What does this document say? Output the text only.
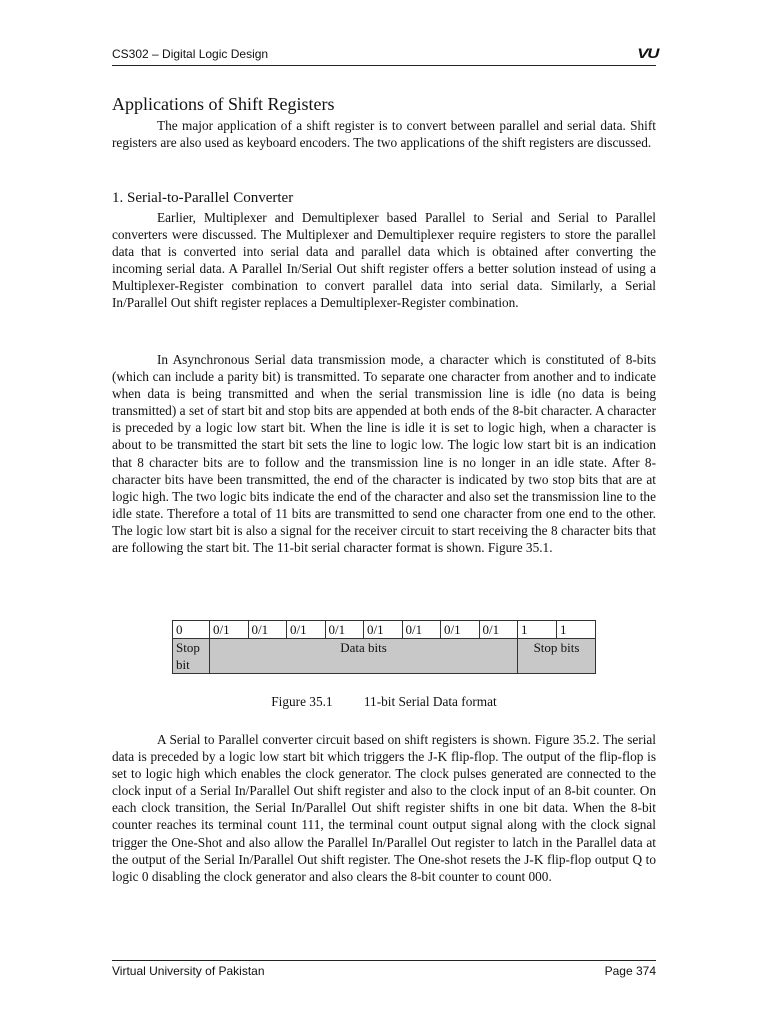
CS302 – Digital Logic Design	VU
Applications of Shift Registers

The major application of a shift register is to convert between parallel and serial data. Shift registers are also used as keyboard encoders. The two applications of the shift registers are discussed.

1. Serial-to-Parallel Converter

Earlier, Multiplexer and Demultiplexer based Parallel to Serial and Serial to Parallel converters were discussed. The Multiplexer and Demultiplexer require registers to store the parallel data that is converted into serial data and parallel data which is obtained after converting the incoming serial data. A Parallel In/Serial Out shift register offers a better solution instead of using a Multiplexer-Register combination to convert parallel data into serial data. Similarly, a Serial In/Parallel Out shift register replaces a Demultiplexer-Register combination.

In Asynchronous Serial data transmission mode, a character which is constituted of 8-bits (which can include a parity bit) is transmitted. To separate one character from another and to indicate when data is being transmitted and when the serial transmission line is idle (no data is being transmitted) a set of start bit and stop bits are appended at both ends of the 8-bit character. A character is preceded by a logic low start bit. When the line is idle it is set to logic high, when a character is about to be transmitted the start bit sets the line to logic low. The logic low start bit is an indication that 8 character bits are to follow and the transmission line is no longer in an idle state. After 8-character bits have been transmitted, the end of the character is indicated by two stop bits that are at logic high. The two logic bits indicate the end of the character and also set the transmission line to the idle state. Therefore a total of 11 bits are transmitted to send one character from one end to the other. The logic low start bit is also a signal for the receiver circuit to start receiving the 8 character bits that are following the start bit. The 11-bit serial character format is shown. Figure 35.1.

0	0/1	0/1	0/1	0/1	0/1	0/1	0/1	0/1	1	1
Stop bit	Data bits								Stop bits	
Figure 35.1 11-bit Serial Data format

A Serial to Parallel converter circuit based on shift registers is shown. Figure 35.2. The serial data is preceded by a logic low start bit which triggers the J-K flip-flop. The output of the flip-flop is set to logic high which enables the clock generator. The clock pulses generated are connected to the clock input of a Serial In/Parallel Out shift register and also to the clock input of an 8-bit counter. On each clock transition, the Serial In/Parallel Out shift register shifts in one bit data. When the 8-bit counter reaches its terminal count 111, the terminal count output signal along with the clock signal trigger the One-Shot and also allow the Parallel In/Parallel Out register to latch in the Parallel data at the output of the Serial In/Parallel Out shift register. The One-shot resets the J-K flip-flop output Q to logic 0 disabling the clock generator and also clears the 8-bit counter to count 000.

Virtual University of Pakistan	Page 374
